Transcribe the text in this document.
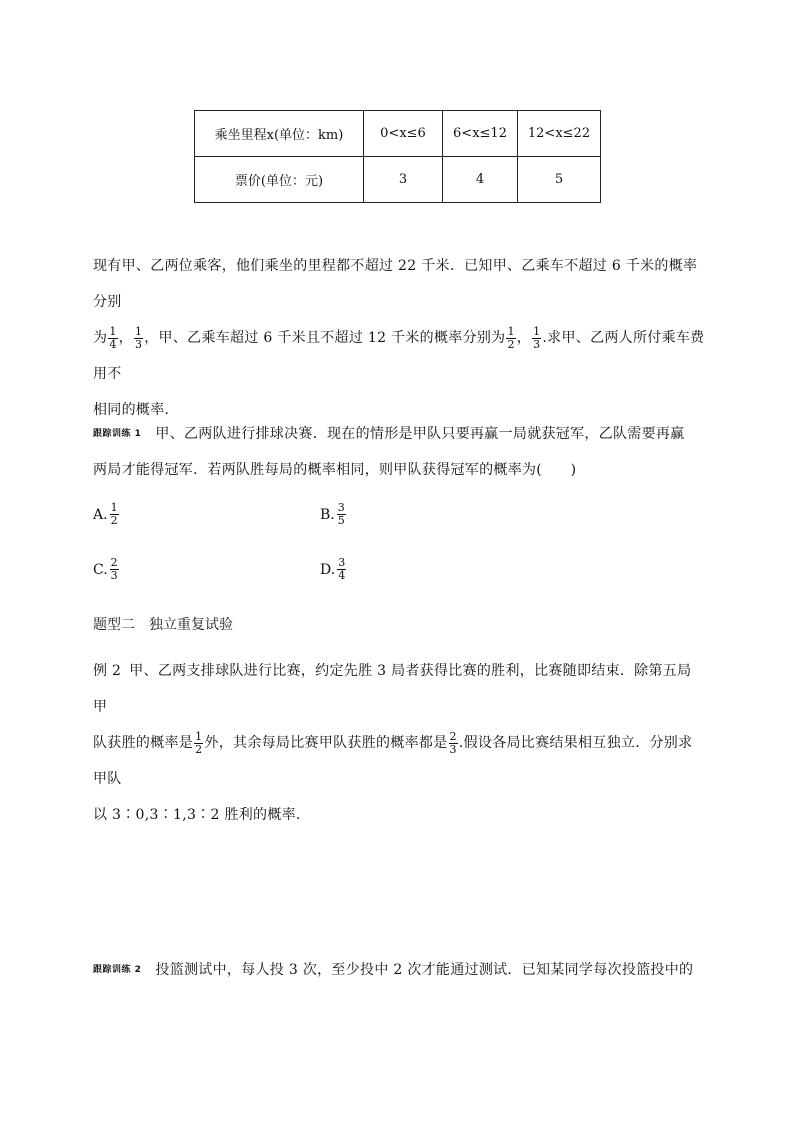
乘坐里程x(单位：km)	0<x≤6	6<x≤12	12<x≤22
票价(单位：元)	3	4	5
现有甲、乙两位乘客，他们乘坐的里程都不超过 22 千米．已知甲、乙乘车不超过 6 千米的概率分别
为 $\frac{1}{4}$ ， $\frac{1}{3}$ ，甲、乙乘车超过 6 千米且不超过 12 千米的概率分别为 $\frac{1}{2}$ ， $\frac{1}{3}$ .求甲、乙两人所付乘车费用不
相同的概率．
跟踪训练 1 甲、乙两队进行排球决赛．现在的情形是甲队只要再赢一局就获冠军，乙队需要再赢
两局才能得冠军．若两队胜每局的概率相同，则甲队获得冠军的概率为(　　)
A. $\frac{1}{2}$	B. $\frac{3}{5}$
C. $\frac{2}{3}$	D. $\frac{3}{4}$
题型二　独立重复试验
例 2 甲、乙两支排球队进行比赛，约定先胜 3 局者获得比赛的胜利，比赛随即结束．除第五局甲
队获胜的概率是 $\frac{1}{2}$ 外，其余每局比赛甲队获胜的概率都是 $\frac{2}{3}$ .假设各局比赛结果相互独立．分别求甲队
以 3∶0,3∶1,3∶2 胜利的概率．
跟踪训练 2 投篮测试中，每人投 3 次，至少投中 2 次才能通过测试．已知某同学每次投篮投中的
